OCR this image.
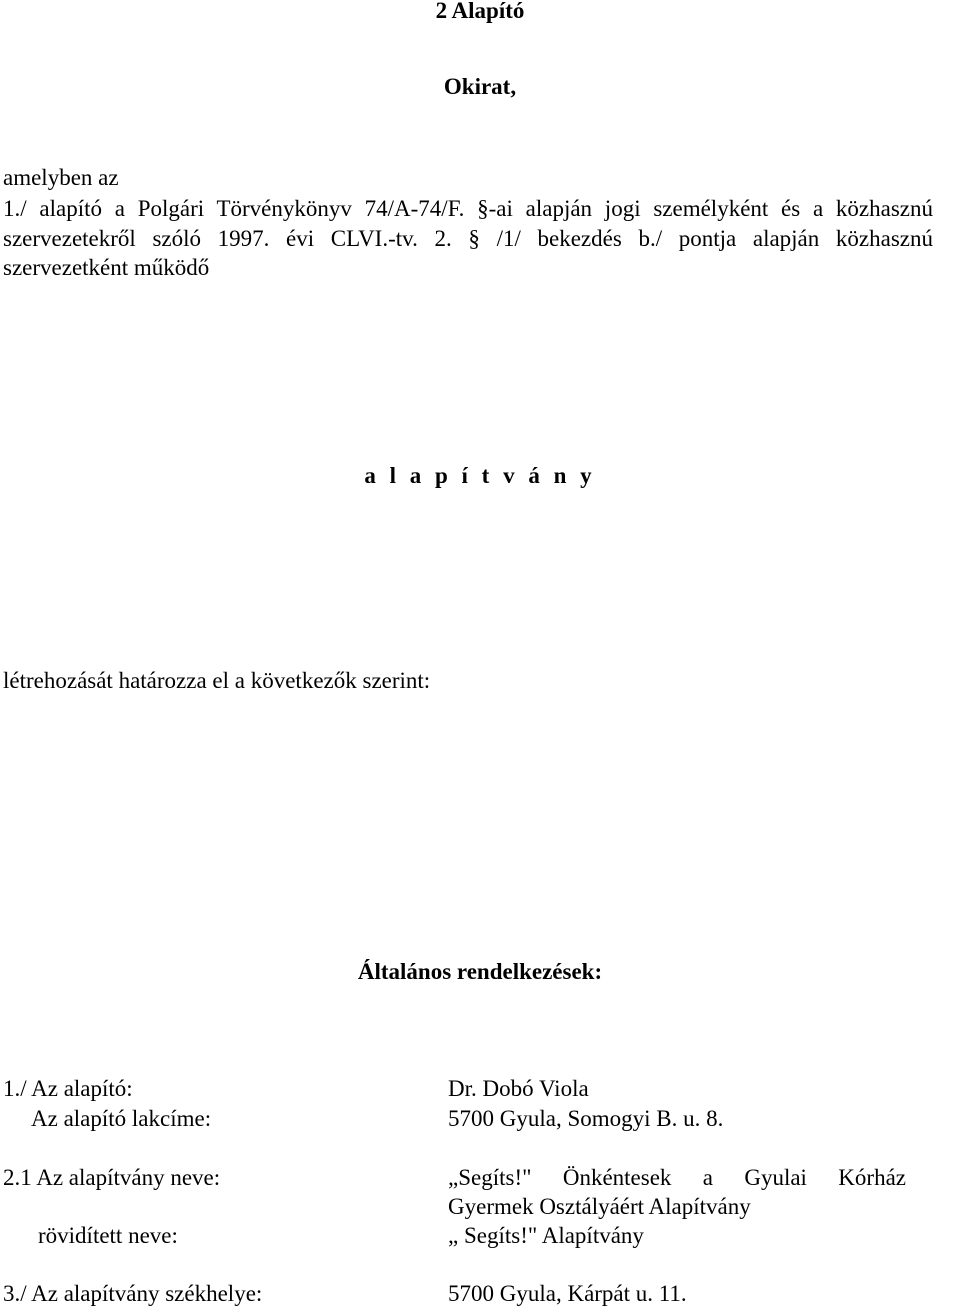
2 Alapító
Okirat,
amelyben az
1./ alapító a Polgári Törvénykönyv 74/A-74/F. §-ai alapján jogi személyként és a közhasznú
szervezetekről szóló 1997. évi CLVI.-tv. 2. § /1/ bekezdés b./ pontja alapján közhasznú
szervezetként működő
a l a p í t v á n y
létrehozását határozza el a következők szerint:
Általános rendelkezések:
1./ Az alapító:	Dr. Dobó Viola
Az alapító lakcíme:	5700 Gyula, Somogyi B. u. 8.
2.1 Az alapítvány neve:	„Segíts!" Önkéntesek a Gyulai Kórház
Gyermek Osztályáért Alapítvány
rövidített neve:	„ Segíts!" Alapítvány
3./ Az alapítvány székhelye:	5700 Gyula, Kárpát u. 11.
